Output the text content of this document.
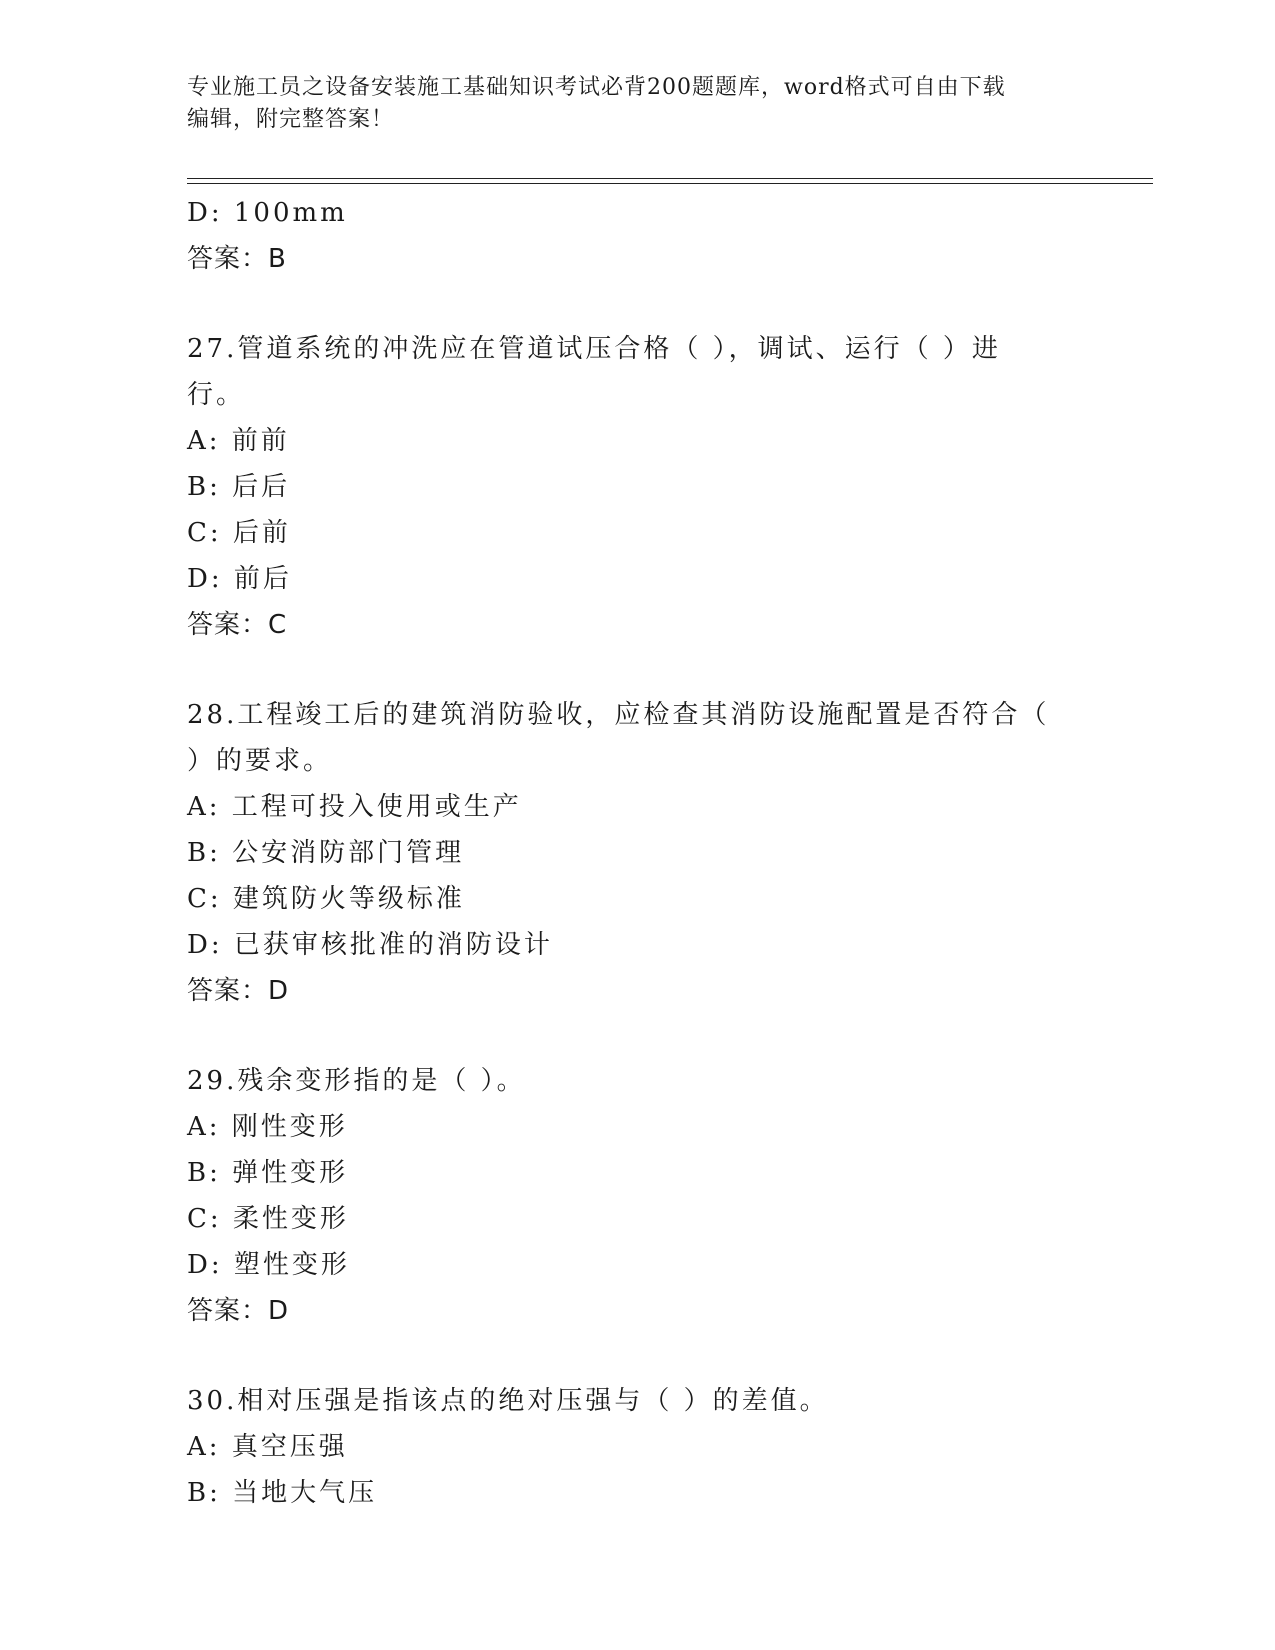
专业施工员之设备安装施工基础知识考试必背200题题库，word格式可自由下载
编辑，附完整答案！
D: 100mm
答案：B
27.管道系统的冲洗应在管道试压合格（ ），调试、运行（ ）进行。
A: 前前
B: 后后
C: 后前
D: 前后
答案：C
28.工程竣工后的建筑消防验收，应检查其消防设施配置是否符合（
）的要求。
A: 工程可投入使用或生产
B: 公安消防部门管理
C: 建筑防火等级标准
D: 已获审核批准的消防设计
答案：D
29.残余变形指的是（ ）。
A: 刚性变形
B: 弹性变形
C: 柔性变形
D: 塑性变形
答案：D
30.相对压强是指该点的绝对压强与（ ）的差值。
A: 真空压强
B: 当地大气压
